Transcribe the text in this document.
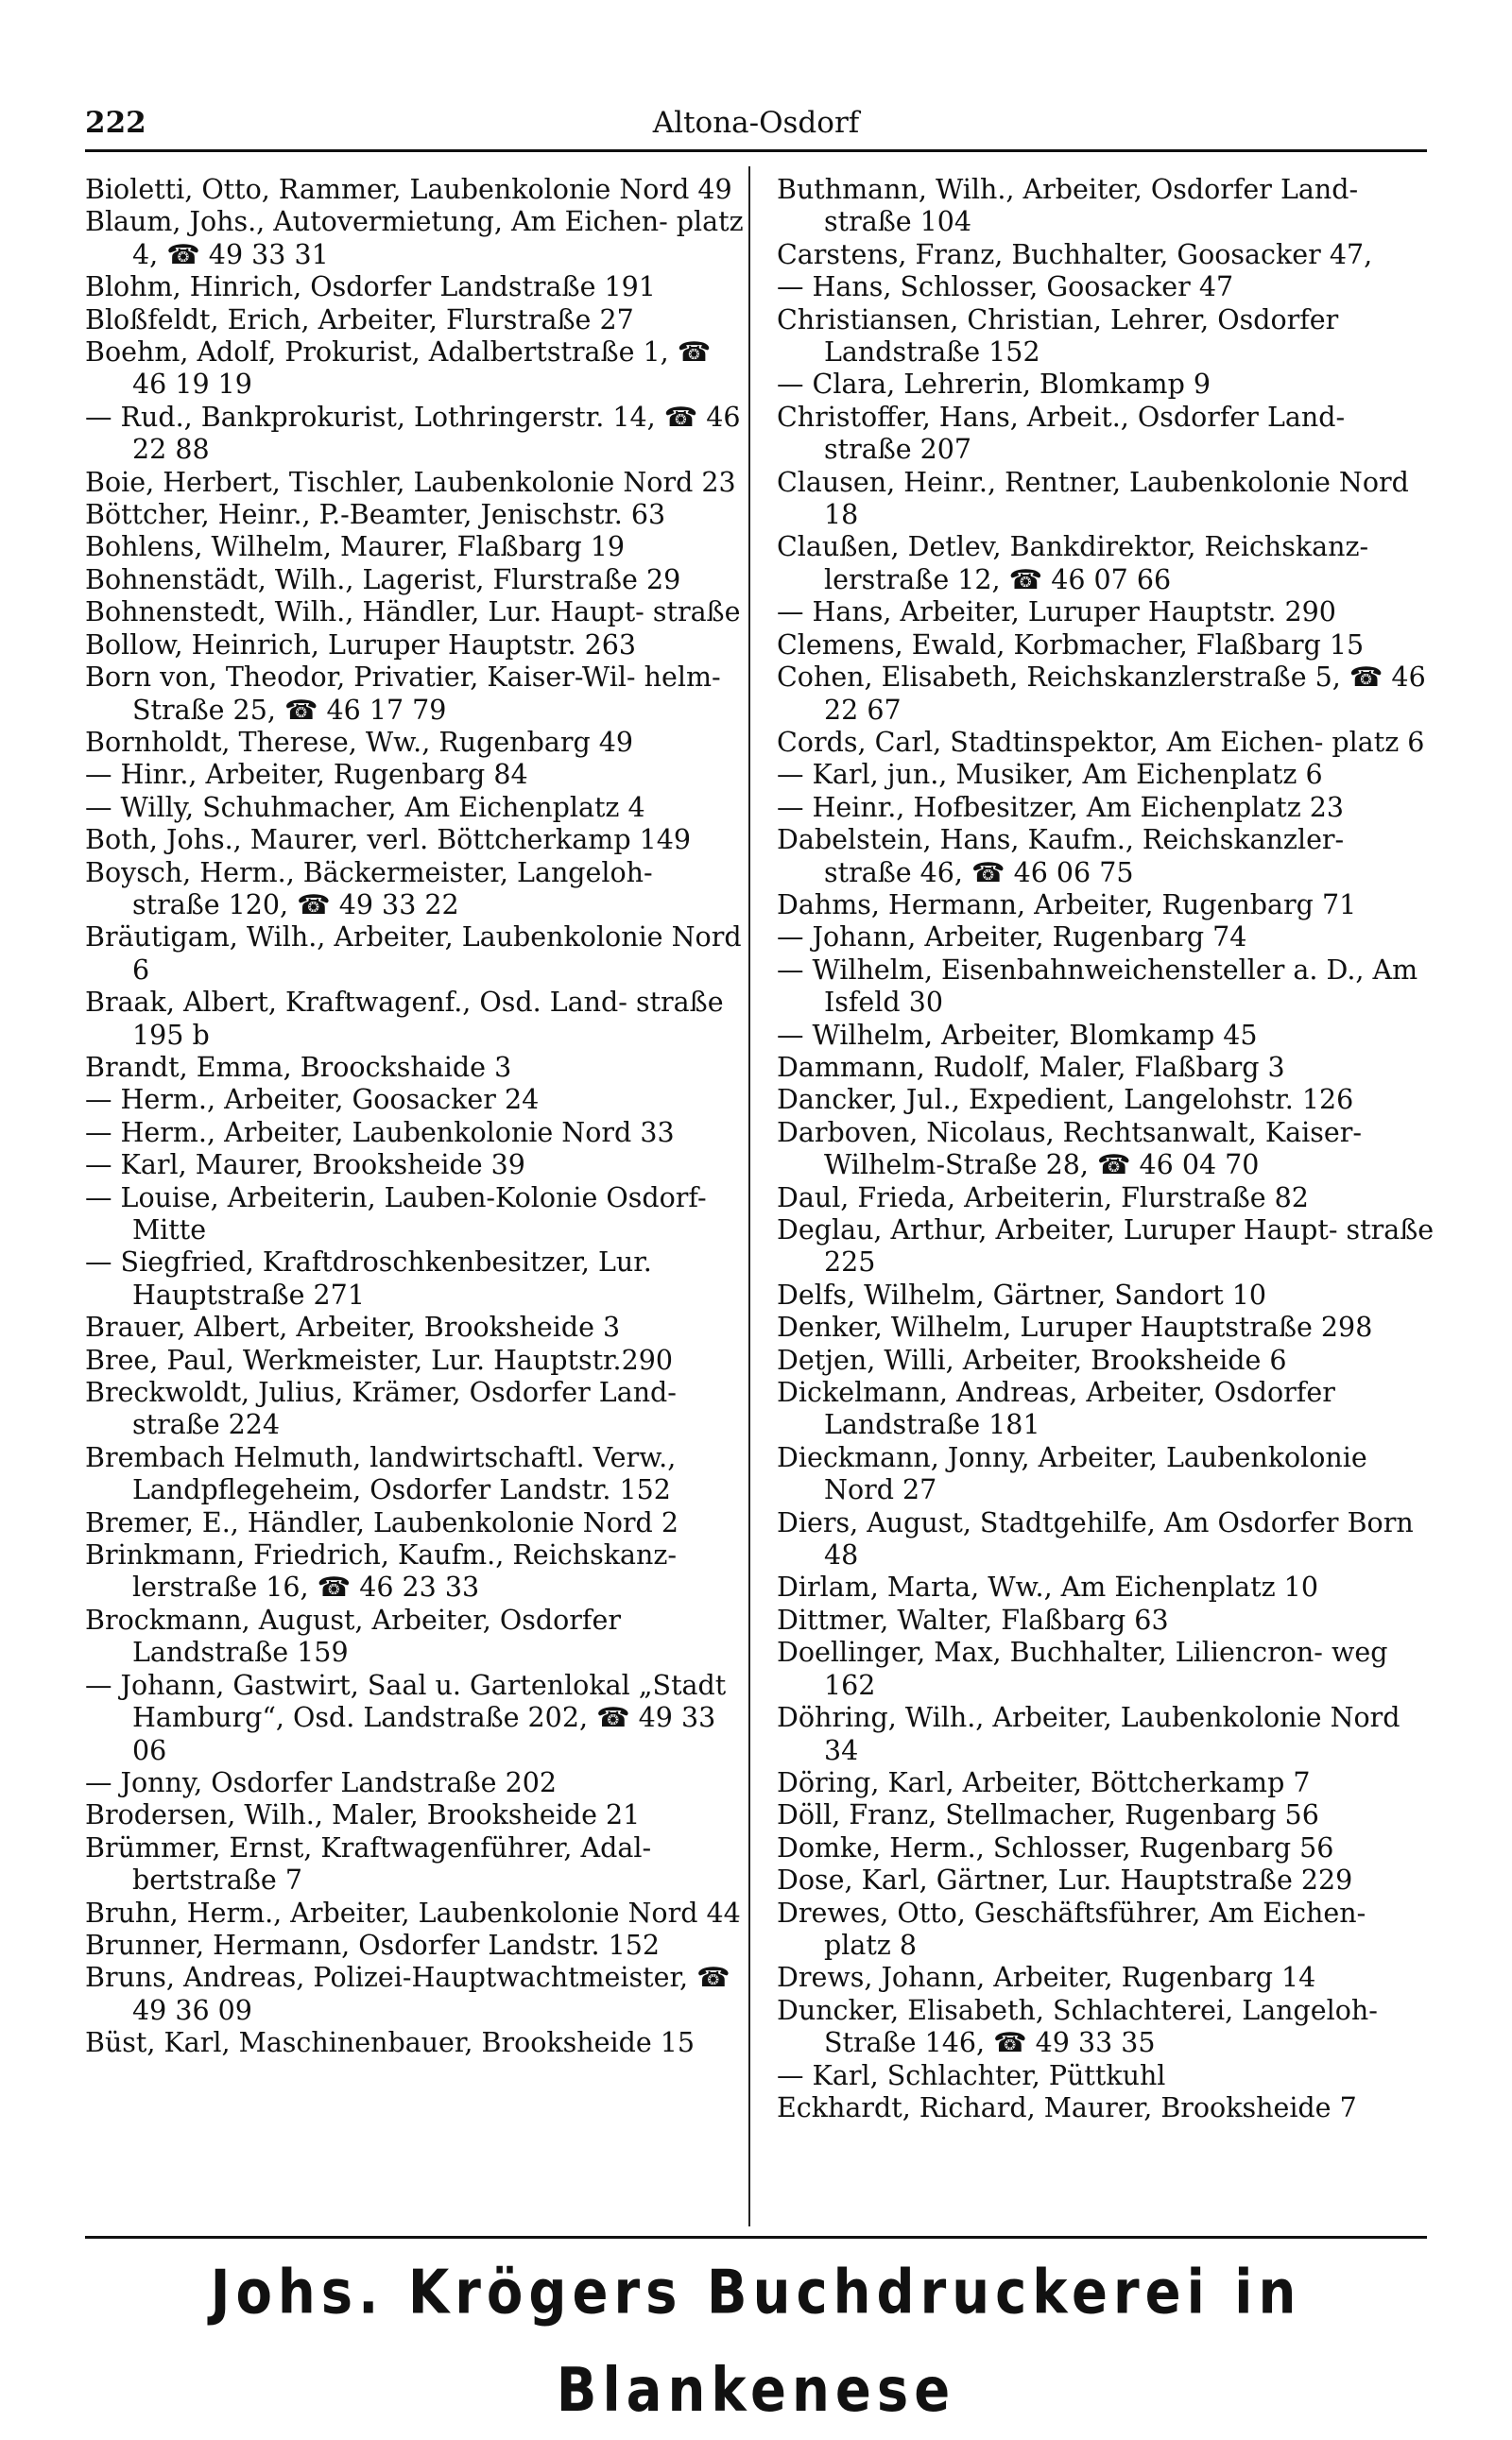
222	Altona-Osdorf
Bioletti, Otto, Rammer, Laubenkolonie Nord 49
Blaum, Johs., Autovermietung, Am Eichen- platz 4, ☎ 49 33 31
Blohm, Hinrich, Osdorfer Landstraße 191
Bloßfeldt, Erich, Arbeiter, Flurstraße 27
Boehm, Adolf, Prokurist, Adalbertstraße 1, ☎ 46 19 19
— Rud., Bankprokurist, Lothringerstr. 14, ☎ 46 22 88
Boie, Herbert, Tischler, Laubenkolonie Nord 23
Böttcher, Heinr., P.-Beamter, Jenischstr. 63
Bohlens, Wilhelm, Maurer, Flaßbarg 19
Bohnenstädt, Wilh., Lagerist, Flurstraße 29
Bohnenstedt, Wilh., Händler, Lur. Haupt- straße
Bollow, Heinrich, Luruper Hauptstr. 263
Born von, Theodor, Privatier, Kaiser-Wil- helm-Straße 25, ☎ 46 17 79
Bornholdt, Therese, Ww., Rugenbarg 49
— Hinr., Arbeiter, Rugenbarg 84
— Willy, Schuhmacher, Am Eichenplatz 4
Both, Johs., Maurer, verl. Böttcherkamp 149
Boysch, Herm., Bäckermeister, Langeloh- straße 120, ☎ 49 33 22
Bräutigam, Wilh., Arbeiter, Laubenkolonie Nord 6
Braak, Albert, Kraftwagenf., Osd. Land- straße 195 b
Brandt, Emma, Broockshaide 3
— Herm., Arbeiter, Goosacker 24
— Herm., Arbeiter, Laubenkolonie Nord 33
— Karl, Maurer, Brooksheide 39
— Louise, Arbeiterin, Lauben-Kolonie Osdorf-Mitte
— Siegfried, Kraftdroschkenbesitzer, Lur. Hauptstraße 271
Brauer, Albert, Arbeiter, Brooksheide 3
Bree, Paul, Werkmeister, Lur. Hauptstr.290
Breckwoldt, Julius, Krämer, Osdorfer Land- straße 224
Brembach Helmuth, landwirtschaftl. Verw., Landpflegeheim, Osdorfer Landstr. 152
Bremer, E., Händler, Laubenkolonie Nord 2
Brinkmann, Friedrich, Kaufm., Reichskanz- lerstraße 16, ☎ 46 23 33
Brockmann, August, Arbeiter, Osdorfer Landstraße 159
— Johann, Gastwirt, Saal u. Gartenlokal „Stadt Hamburg“, Osd. Landstraße 202, ☎ 49 33 06
— Jonny, Osdorfer Landstraße 202
Brodersen, Wilh., Maler, Brooksheide 21
Brümmer, Ernst, Kraftwagenführer, Adal- bertstraße 7
Bruhn, Herm., Arbeiter, Laubenkolonie Nord 44
Brunner, Hermann, Osdorfer Landstr. 152
Bruns, Andreas, Polizei-Hauptwachtmeister, ☎ 49 36 09
Büst, Karl, Maschinenbauer, Brooksheide 15
Buthmann, Wilh., Arbeiter, Osdorfer Land- straße 104
Carstens, Franz, Buchhalter, Goosacker 47,
— Hans, Schlosser, Goosacker 47
Christiansen, Christian, Lehrer, Osdorfer Landstraße 152
— Clara, Lehrerin, Blomkamp 9
Christoffer, Hans, Arbeit., Osdorfer Land- straße 207
Clausen, Heinr., Rentner, Laubenkolonie Nord 18
Claußen, Detlev, Bankdirektor, Reichskanz- lerstraße 12, ☎ 46 07 66
— Hans, Arbeiter, Luruper Hauptstr. 290
Clemens, Ewald, Korbmacher, Flaßbarg 15
Cohen, Elisabeth, Reichskanzlerstraße 5, ☎ 46 22 67
Cords, Carl, Stadtinspektor, Am Eichen- platz 6
— Karl, jun., Musiker, Am Eichenplatz 6
— Heinr., Hofbesitzer, Am Eichenplatz 23
Dabelstein, Hans, Kaufm., Reichskanzler- straße 46, ☎ 46 06 75
Dahms, Hermann, Arbeiter, Rugenbarg 71
— Johann, Arbeiter, Rugenbarg 74
— Wilhelm, Eisenbahnweichensteller a. D., Am Isfeld 30
— Wilhelm, Arbeiter, Blomkamp 45
Dammann, Rudolf, Maler, Flaßbarg 3
Dancker, Jul., Expedient, Langelohstr. 126
Darboven, Nicolaus, Rechtsanwalt, Kaiser- Wilhelm-Straße 28, ☎ 46 04 70
Daul, Frieda, Arbeiterin, Flurstraße 82
Deglau, Arthur, Arbeiter, Luruper Haupt- straße 225
Delfs, Wilhelm, Gärtner, Sandort 10
Denker, Wilhelm, Luruper Hauptstraße 298
Detjen, Willi, Arbeiter, Brooksheide 6
Dickelmann, Andreas, Arbeiter, Osdorfer Landstraße 181
Dieckmann, Jonny, Arbeiter, Laubenkolonie Nord 27
Diers, August, Stadtgehilfe, Am Osdorfer Born 48
Dirlam, Marta, Ww., Am Eichenplatz 10
Dittmer, Walter, Flaßbarg 63
Doellinger, Max, Buchhalter, Liliencron- weg 162
Döhring, Wilh., Arbeiter, Laubenkolonie Nord 34
Döring, Karl, Arbeiter, Böttcherkamp 7
Döll, Franz, Stellmacher, Rugenbarg 56
Domke, Herm., Schlosser, Rugenbarg 56
Dose, Karl, Gärtner, Lur. Hauptstraße 229
Drewes, Otto, Geschäftsführer, Am Eichen- platz 8
Drews, Johann, Arbeiter, Rugenbarg 14
Duncker, Elisabeth, Schlachterei, Langeloh- Straße 146, ☎ 49 33 35
— Karl, Schlachter, Püttkuhl
Eckhardt, Richard, Maurer, Brooksheide 7
Johs. Krögers Buchdruckerei in Blankenese
